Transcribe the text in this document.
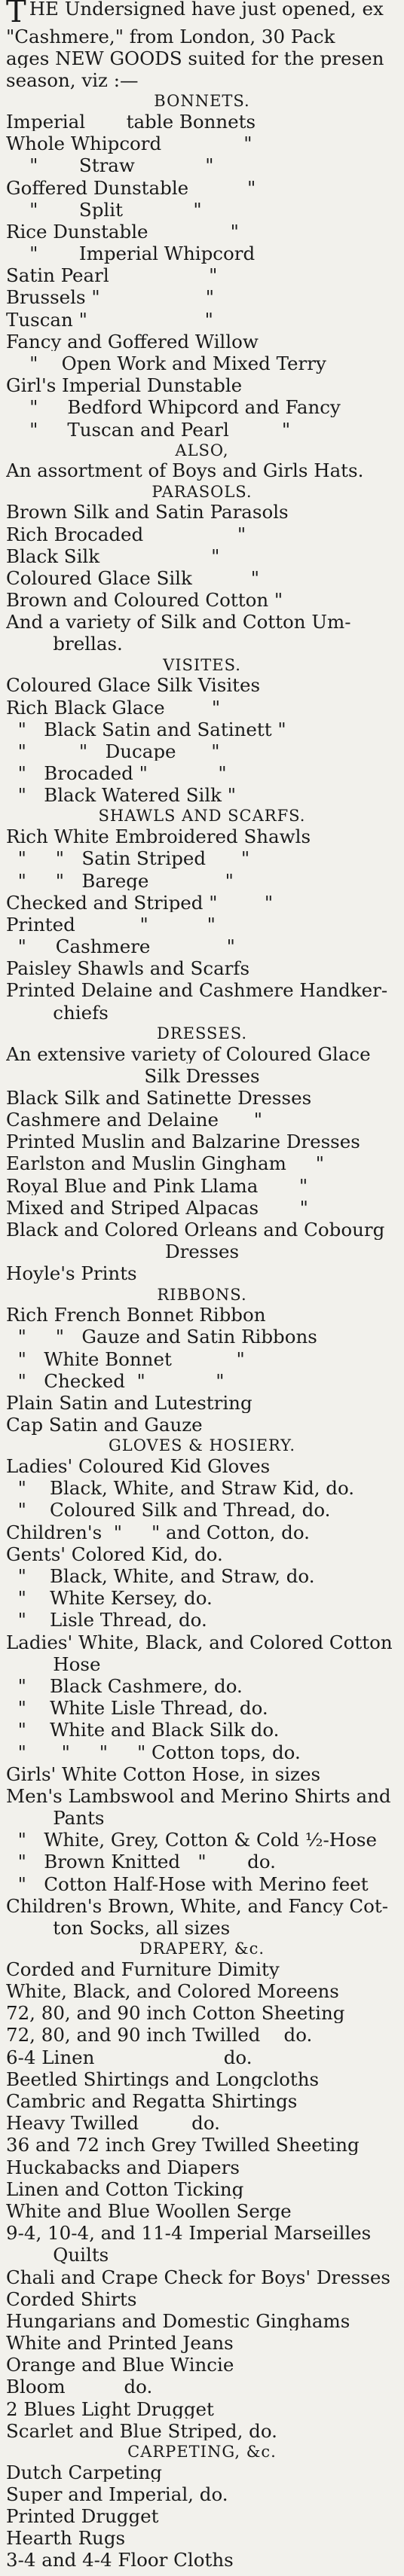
THE Undersigned have just opened, ex
"Cashmere," from London, 30 Pack
ages NEW GOODS suited for the presen
season, viz :—
BONNETS.
Imperial       table Bonnets
Whole Whipcord              "
"       Straw            "
Goffered Dunstable          "
"       Split            "
Rice Dunstable              "
"       Imperial Whipcord
Satin Pearl                 "
Brussels "                  "
Tuscan "                    "
Fancy and Goffered Willow
"    Open Work and Mixed Terry
Girl's Imperial Dunstable
"     Bedford Whipcord and Fancy
"     Tuscan and Pearl         "
ALSO,
An assortment of Boys and Girls Hats.
PARASOLS.
Brown Silk and Satin Parasols
Rich Brocaded                "
Black Silk                   "
Coloured Glace Silk          "
Brown and Coloured Cotton "
And a variety of Silk and Cotton Um-
brellas.
VISITES.
Coloured Glace Silk Visites
Rich Black Glace        "
"   Black Satin and Satinett "
"         "   Ducape      "
"   Brocaded "            "
"   Black Watered Silk "
SHAWLS AND SCARFS.
Rich White Embroidered Shawls
"     "   Satin Striped      "
"     "   Barege             "
Checked and Striped "        "
Printed           "          "
"     Cashmere             "
Paisley Shawls and Scarfs
Printed Delaine and Cashmere Handker-
chiefs
DRESSES.
An extensive variety of Coloured Glace
Silk Dresses
Black Silk and Satinette Dresses
Cashmere and Delaine      "
Printed Muslin and Balzarine Dresses
Earlston and Muslin Gingham     "
Royal Blue and Pink Llama       "
Mixed and Striped Alpacas       "
Black and Colored Orleans and Cobourg
Dresses
Hoyle's Prints
RIBBONS.
Rich French Bonnet Ribbon
"     "   Gauze and Satin Ribbons
"   White Bonnet           "
"   Checked  "            "
Plain Satin and Lutestring
Cap Satin and Gauze
GLOVES & HOSIERY.
Ladies' Coloured Kid Gloves
"    Black, White, and Straw Kid, do.
"    Coloured Silk and Thread, do.
Children's  "     " and Cotton, do.
Gents' Colored Kid, do.
"    Black, White, and Straw, do.
"    White Kersey, do.
"    Lisle Thread, do.
Ladies' White, Black, and Colored Cotton
Hose
"    Black Cashmere, do.
"    White Lisle Thread, do.
"    White and Black Silk do.
"      "     "     " Cotton tops, do.
Girls' White Cotton Hose, in sizes
Men's Lambswool and Merino Shirts and
Pants
"   White, Grey, Cotton & Cold ½-Hose
"   Brown Knitted   "       do.
"   Cotton Half-Hose with Merino feet
Children's Brown, White, and Fancy Cot-
ton Socks, all sizes
DRAPERY, &c.
Corded and Furniture Dimity
White, Black, and Colored Moreens
72, 80, and 90 inch Cotton Sheeting
72, 80, and 90 inch Twilled    do.
6-4 Linen                      do.
Beetled Shirtings and Longcloths
Cambric and Regatta Shirtings
Heavy Twilled         do.
36 and 72 inch Grey Twilled Sheeting
Huckabacks and Diapers
Linen and Cotton Ticking
White and Blue Woollen Serge
9-4, 10-4, and 11-4 Imperial Marseilles
Quilts
Chali and Crape Check for Boys' Dresses
Corded Shirts
Hungarians and Domestic Ginghams
White and Printed Jeans
Orange and Blue Wincie
Bloom          do.
2 Blues Light Drugget
Scarlet and Blue Striped, do.
CARPETING, &c.
Dutch Carpeting
Super and Imperial, do.
Printed Drugget
Hearth Rugs
3-4 and 4-4 Floor Cloths
